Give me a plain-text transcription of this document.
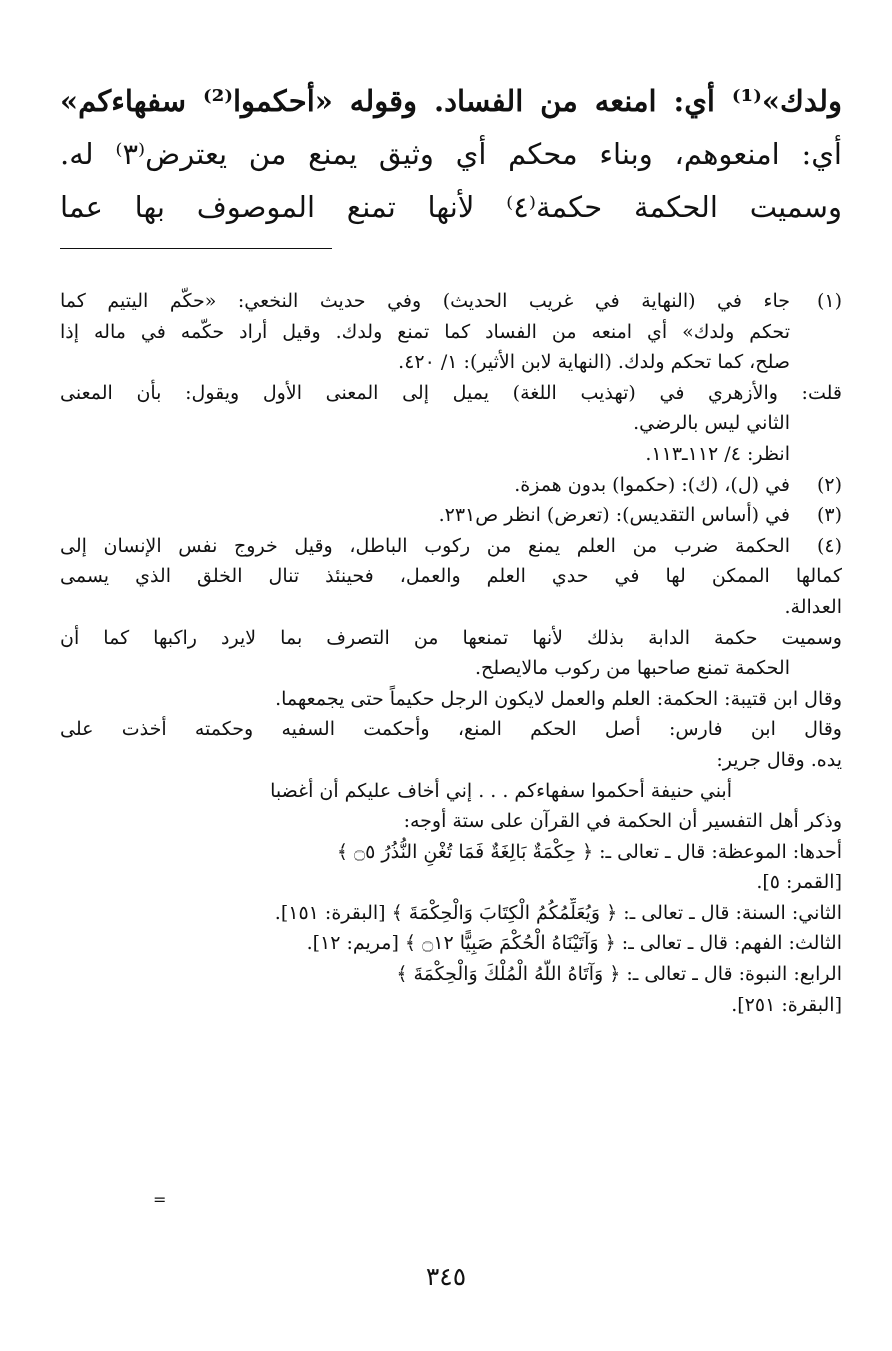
ولدك»⁽¹⁾ أي: امنعه من الفساد. وقوله «أحكموا⁽²⁾ سفهاءكم»
أي: امنعوهم، وبناء محكم أي وثيق يمنع من يعترض⁽٣⁾ له.
وسميت الحكمة حكمة⁽٤⁾ لأنها تمنع الموصوف بها عما
(١)
جاء في (النهاية في غريب الحديث) وفي حديث النخعي: «حكّم اليتيم كما
تحكم ولدك» أي امنعه من الفساد كما تمنع ولدك. وقيل أراد حكّمه في ماله إذا
صلح، كما تحكم ولدك. (النهاية لابن الأثير): ١/ ٤٢٠.
قلت: والأزهري في (تهذيب اللغة) يميل إلى المعنى الأول ويقول: بأن المعنى
الثاني ليس بالرضي.
انظر: ٤/ ١١٢ـ١١٣.
(٢)
في (ل)، (ك): (حكموا) بدون همزة.
(٣)
في (أساس التقديس): (تعرض) انظر ص٢٣١.
(٤)
الحكمة ضرب من العلم يمنع من ركوب الباطل، وقيل خروج نفس الإنسان إلى
كمالها الممكن لها في حدي العلم والعمل، فحينئذ تنال الخلق الذي يسمى
العدالة.
وسميت حكمة الدابة بذلك لأنها تمنعها من التصرف بما لايرد راكبها كما أن
الحكمة تمنع صاحبها من ركوب مالايصلح.
وقال ابن قتيبة: الحكمة: العلم والعمل لايكون الرجل حكيماً حتى يجمعهما.
وقال ابن فارس: أصل الحكم المنع، وأحكمت السفيه وحكمته أخذت على
يده. وقال جرير:
أبني حنيفة أحكموا سفهاءكم . . . إني أخاف عليكم أن أغضبا
وذكر أهل التفسير أن الحكمة في القرآن على ستة أوجه:
أحدها: الموعظة: قال ـ تعالى ـ: ﴿ حِكْمَةٌ بَالِغَةٌ فَمَا تُغْنِ النُّذُرُ ۝٥ ﴾
[القمر: ٥].
الثاني: السنة: قال ـ تعالى ـ: ﴿ وَيُعَلِّمُكُمُ الْكِتَابَ وَالْحِكْمَةَ ﴾ [البقرة: ١٥١].
الثالث: الفهم: قال ـ تعالى ـ: ﴿ وَآتَيْنَاهُ الْحُكْمَ صَبِيًّا ۝١٢ ﴾ [مريم: ١٢].
الرابع: النبوة: قال ـ تعالى ـ: ﴿ وَآتَاهُ اللَّهُ الْمُلْكَ وَالْحِكْمَةَ ﴾
[البقرة: ٢٥١].
=
٣٤٥
